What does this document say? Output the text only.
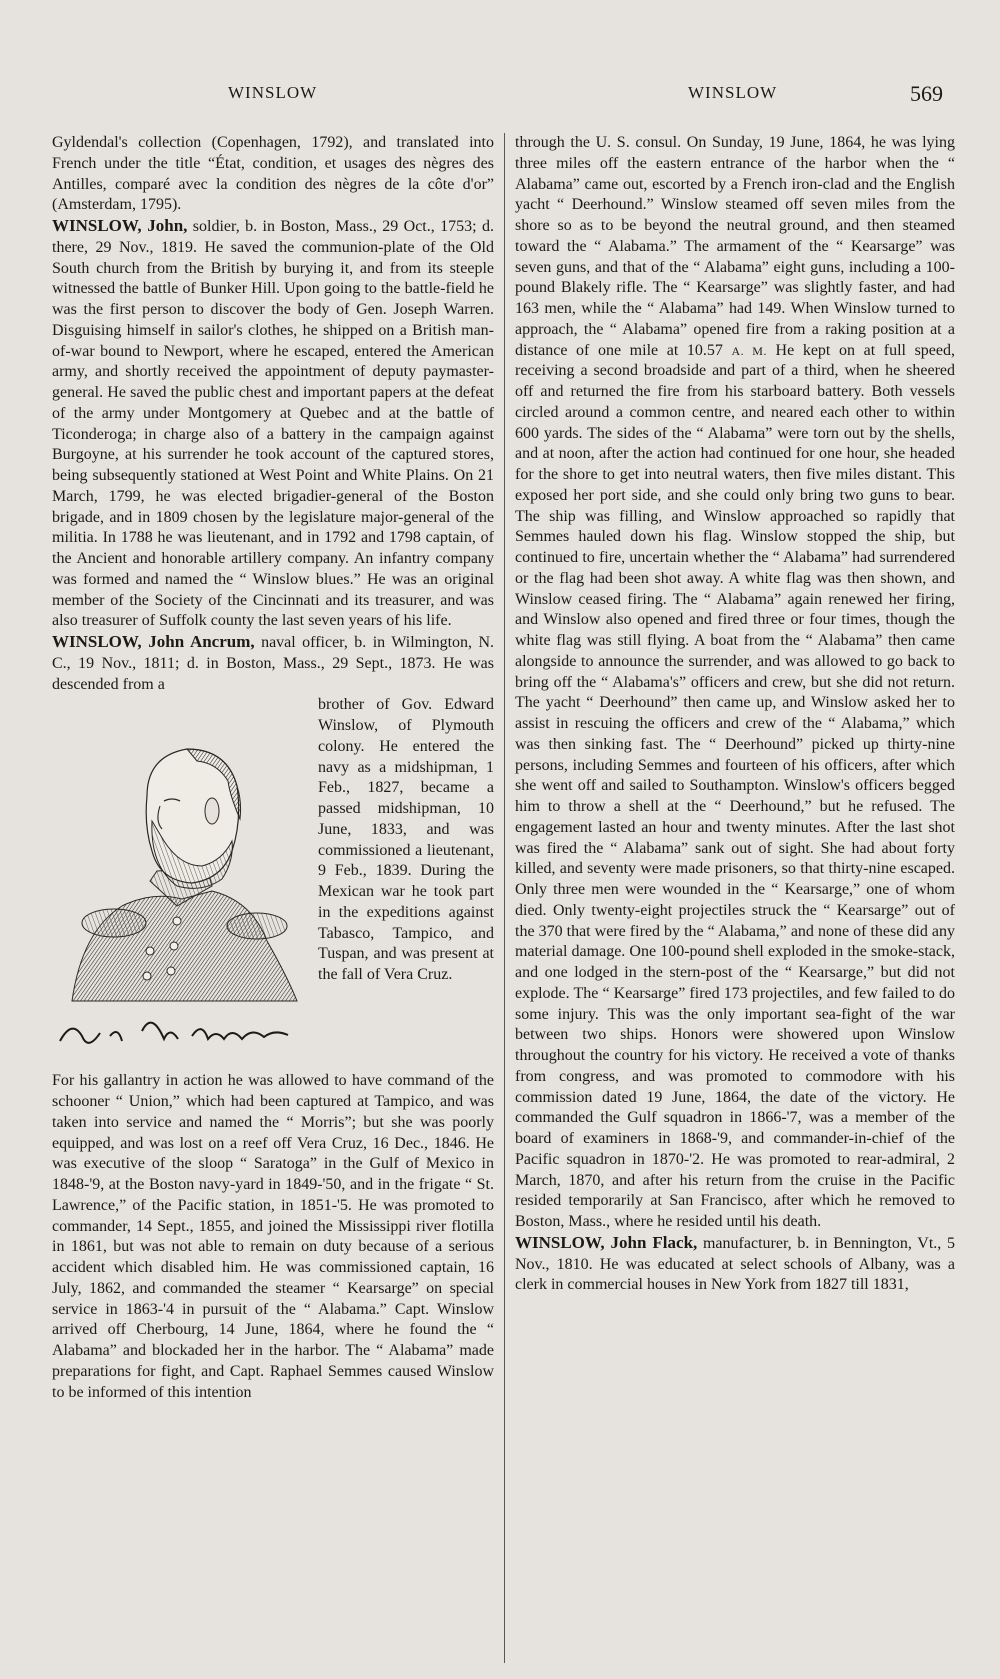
WINSLOW	WINSLOW	569

Gyldendal's collection (Copenhagen, 1792), and translated into French under the title “État, condition, et usages des nègres des Antilles, comparé avec la condition des nègres de la côte d'or” (Amsterdam, 1795).

WINSLOW, John, soldier, b. in Boston, Mass., 29 Oct., 1753; d. there, 29 Nov., 1819. He saved the communion-plate of the Old South church from the British by burying it, and from its steeple witnessed the battle of Bunker Hill. Upon going to the battle-field he was the first person to discover the body of Gen. Joseph Warren. Disguising himself in sailor's clothes, he shipped on a British man-of-war bound to Newport, where he escaped, entered the American army, and shortly received the appointment of deputy paymaster-general. He saved the public chest and important papers at the defeat of the army under Montgomery at Quebec and at the battle of Ticonderoga; in charge also of a battery in the campaign against Burgoyne, at his surrender he took account of the captured stores, being subsequently stationed at West Point and White Plains. On 21 March, 1799, he was elected brigadier-general of the Boston brigade, and in 1809 chosen by the legislature major-general of the militia. In 1788 he was lieutenant, and in 1792 and 1798 captain, of the Ancient and honorable artillery company. An infantry company was formed and named the “ Winslow blues.” He was an original member of the Society of the Cincinnati and its treasurer, and was also treasurer of Suffolk county the last seven years of his life.

WINSLOW, John Ancrum, naval officer, b. in Wilmington, N. C., 19 Nov., 1811; d. in Boston, Mass., 29 Sept., 1873. He was descended from a

Jno. A. Winslow

brother of Gov. Edward Winslow, of Plymouth colony. He entered the navy as a midshipman, 1 Feb., 1827, became a passed midshipman, 10 June, 1833, and was commissioned a lieutenant, 9 Feb., 1839. During the Mexican war he took part in the expeditions against Tabasco, Tampico, and Tuspan, and was present at the fall of Vera Cruz.

For his gallantry in action he was allowed to have command of the schooner “ Union,” which had been captured at Tampico, and was taken into service and named the “ Morris”; but she was poorly equipped, and was lost on a reef off Vera Cruz, 16 Dec., 1846. He was executive of the sloop “ Saratoga” in the Gulf of Mexico in 1848-'9, at the Boston navy-yard in 1849-'50, and in the frigate “ St. Lawrence,” of the Pacific station, in 1851-'5. He was promoted to commander, 14 Sept., 1855, and joined the Mississippi river flotilla in 1861, but was not able to remain on duty because of a serious accident which disabled him. He was commissioned captain, 16 July, 1862, and commanded the steamer “ Kearsarge” on special service in 1863-'4 in pursuit of the “ Alabama.” Capt. Winslow arrived off Cherbourg, 14 June, 1864, where he found the “ Alabama” and blockaded her in the harbor. The “ Alabama” made preparations for fight, and Capt. Raphael Semmes caused Winslow to be informed of this intention

through the U. S. consul. On Sunday, 19 June, 1864, he was lying three miles off the eastern entrance of the harbor when the “ Alabama” came out, escorted by a French iron-clad and the English yacht “ Deerhound.” Winslow steamed off seven miles from the shore so as to be beyond the neutral ground, and then steamed toward the “ Alabama.” The armament of the “ Kearsarge” was seven guns, and that of the “ Alabama” eight guns, including a 100-pound Blakely rifle. The “ Kearsarge” was slightly faster, and had 163 men, while the “ Alabama” had 149. When Winslow turned to approach, the “ Alabama” opened fire from a raking position at a distance of one mile at 10.57 A. M. He kept on at full speed, receiving a second broadside and part of a third, when he sheered off and returned the fire from his starboard battery. Both vessels circled around a common centre, and neared each other to within 600 yards. The sides of the “ Alabama” were torn out by the shells, and at noon, after the action had continued for one hour, she headed for the shore to get into neutral waters, then five miles distant. This exposed her port side, and she could only bring two guns to bear. The ship was filling, and Winslow approached so rapidly that Semmes hauled down his flag. Winslow stopped the ship, but continued to fire, uncertain whether the “ Alabama” had surrendered or the flag had been shot away. A white flag was then shown, and Winslow ceased firing. The “ Alabama” again renewed her firing, and Winslow also opened and fired three or four times, though the white flag was still flying. A boat from the “ Alabama” then came alongside to announce the surrender, and was allowed to go back to bring off the “ Alabama's” officers and crew, but she did not return. The yacht “ Deerhound” then came up, and Winslow asked her to assist in rescuing the officers and crew of the “ Alabama,” which was then sinking fast. The “ Deerhound” picked up thirty-nine persons, including Semmes and fourteen of his officers, after which she went off and sailed to Southampton. Winslow's officers begged him to throw a shell at the “ Deerhound,” but he refused. The engagement lasted an hour and twenty minutes. After the last shot was fired the “ Alabama” sank out of sight. She had about forty killed, and seventy were made prisoners, so that thirty-nine escaped. Only three men were wounded in the “ Kearsarge,” one of whom died. Only twenty-eight projectiles struck the “ Kearsarge” out of the 370 that were fired by the “ Alabama,” and none of these did any material damage. One 100-pound shell exploded in the smoke-stack, and one lodged in the stern-post of the “ Kearsarge,” but did not explode. The “ Kearsarge” fired 173 projectiles, and few failed to do some injury. This was the only important sea-fight of the war between two ships. Honors were showered upon Winslow throughout the country for his victory. He received a vote of thanks from congress, and was promoted to commodore with his commission dated 19 June, 1864, the date of the victory. He commanded the Gulf squadron in 1866-'7, was a member of the board of examiners in 1868-'9, and commander-in-chief of the Pacific squadron in 1870-'2. He was promoted to rear-admiral, 2 March, 1870, and after his return from the cruise in the Pacific resided temporarily at San Francisco, after which he removed to Boston, Mass., where he resided until his death.

WINSLOW, John Flack, manufacturer, b. in Bennington, Vt., 5 Nov., 1810. He was educated at select schools of Albany, was a clerk in commercial houses in New York from 1827 till 1831,
